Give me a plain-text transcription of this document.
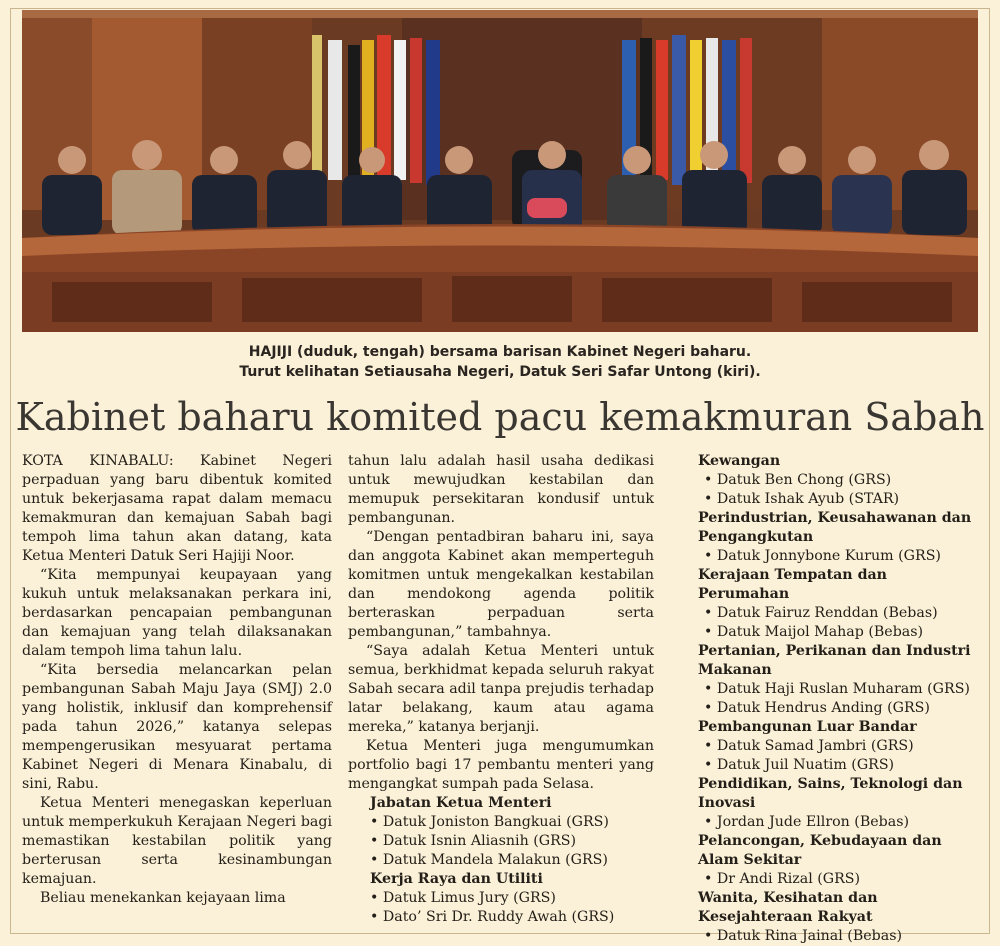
HAJIJI (duduk, tengah) bersama barisan Kabinet Negeri baharu.
Turut kelihatan Setiausaha Negeri, Datuk Seri Safar Untong (kiri).
Kabinet baharu komited pacu kemakmuran Sabah

KOTA KINABALU: Kabinet Negeri perpaduan yang baru dibentuk komited untuk bekerjasama rapat dalam memacu kemakmuran dan kemajuan Sabah bagi tempoh lima tahun akan datang, kata Ketua Menteri Datuk Seri Hajiji Noor.

“Kita mempunyai keupayaan yang kukuh untuk melaksanakan perkara ini, berdasarkan pencapaian pembangunan dan kemajuan yang telah dilaksanakan dalam tempoh lima tahun lalu.

“Kita bersedia melancarkan pelan pembangunan Sabah Maju Jaya (SMJ) 2.0 yang holistik, inklusif dan komprehensif pada tahun 2026,” katanya selepas mempengerusikan mesyuarat pertama Kabinet Negeri di Menara Kinabalu, di sini, Rabu.

Ketua Menteri menegaskan keperluan untuk memperkukuh Kerajaan Negeri bagi memastikan kestabilan politik yang berterusan serta kesinambungan kemajuan.

Beliau menekankan kejayaan lima

tahun lalu adalah hasil usaha dedikasi untuk mewujudkan kestabilan dan memupuk persekitaran kondusif untuk pembangunan.

“Dengan pentadbiran baharu ini, saya dan anggota Kabinet akan memperteguh komitmen untuk mengekalkan kestabilan dan mendokong agenda politik berteraskan perpaduan serta pembangunan,” tambahnya.

“Saya adalah Ketua Menteri untuk semua, berkhidmat kepada seluruh rakyat Sabah secara adil tanpa prejudis terhadap latar belakang, kaum atau agama mereka,” katanya berjanji.

Ketua Menteri juga mengumumkan portfolio bagi 17 pembantu menteri yang mengangkat sumpah pada Selasa.

Jabatan Ketua Menteri
• Datuk Joniston Bangkuai (GRS)
• Datuk Isnin Aliasnih (GRS)
• Datuk Mandela Malakun (GRS)
Kerja Raya dan Utiliti
• Datuk Limus Jury (GRS)
• Dato’ Sri Dr. Ruddy Awah (GRS)
Kewangan
• Datuk Ben Chong (GRS)
• Datuk Ishak Ayub (STAR)
Perindustrian, Keusahawanan dan Pengangkutan
• Datuk Jonnybone Kurum (GRS)
Kerajaan Tempatan dan Perumahan
• Datuk Fairuz Renddan (Bebas)
• Datuk Maijol Mahap (Bebas)
Pertanian, Perikanan dan Industri Makanan
• Datuk Haji Ruslan Muharam (GRS)
• Datuk Hendrus Anding (GRS)
Pembangunan Luar Bandar
• Datuk Samad Jambri (GRS)
• Datuk Juil Nuatim (GRS)
Pendidikan, Sains, Teknologi dan Inovasi
• Jordan Jude Ellron (Bebas)
Pelancongan, Kebudayaan dan Alam Sekitar
• Dr Andi Rizal (GRS)
Wanita, Kesihatan dan Kesejahteraan Rakyat
• Datuk Rina Jainal (Bebas)
